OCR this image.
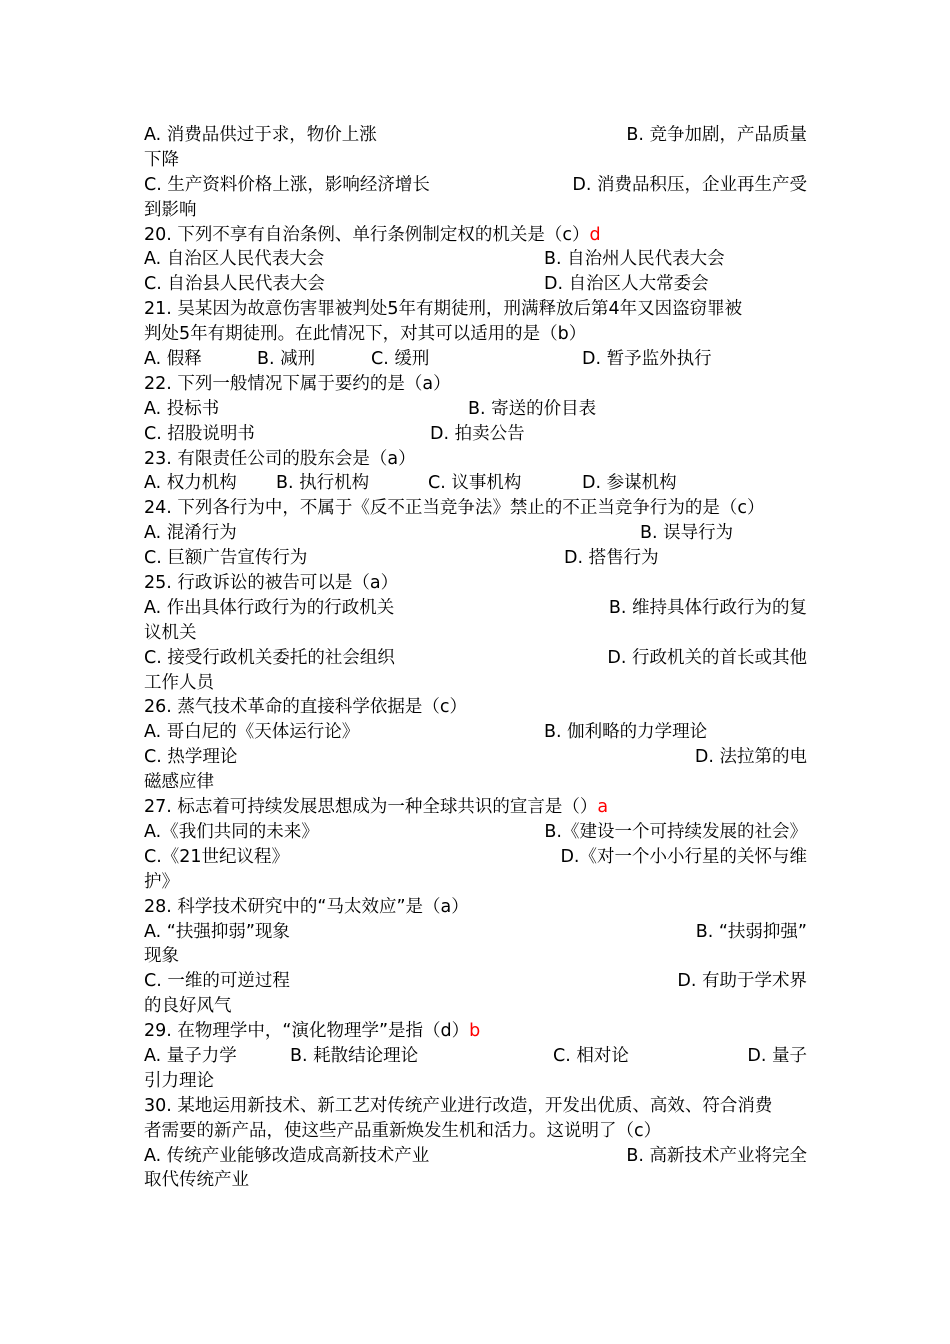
A. 消费品供过于求，物价上涨	B. 竞争加剧，产品质量
下降
C. 生产资料价格上涨，影响经济增长	D. 消费品积压，企业再生产受
到影响
20. 下列不享有自治条例、单行条例制定权的机关是（c）d
A. 自治区人民代表大会	B. 自治州人民代表大会
C. 自治县人民代表大会	D. 自治区人大常委会
21. 吴某因为故意伤害罪被判处5年有期徒刑，刑满释放后第4年又因盗窃罪被
判处5年有期徒刑。在此情况下，对其可以适用的是（b）
A. 假释	B. 减刑	C. 缓刑	D. 暂予监外执行
22. 下列一般情况下属于要约的是（a）
A. 投标书	B. 寄送的价目表
C. 招股说明书	D. 拍卖公告
23. 有限责任公司的股东会是（a）
A. 权力机构 B. 执行机构	C. 议事机构	D. 参谋机构
24. 下列各行为中，不属于《反不正当竞争法》禁止的不正当竞争行为的是（c）
A. 混淆行为	B. 误导行为
C. 巨额广告宣传行为	D. 搭售行为
25. 行政诉讼的被告可以是（a）
A. 作出具体行政行为的行政机关	B. 维持具体行政行为的复
议机关
C. 接受行政机关委托的社会组织	D. 行政机关的首长或其他
工作人员
26. 蒸气技术革命的直接科学依据是（c）
A. 哥白尼的《天体运行论》	B. 伽利略的力学理论
C. 热学理论	D. 法拉第的电
磁感应律
27. 标志着可持续发展思想成为一种全球共识的宣言是（）a
A.《我们共同的未来》	B.《建设一个可持续发展的社会》
C.《21世纪议程》	D.《对一个小小行星的关怀与维
护》
28. 科学技术研究中的“马太效应”是（a）
A. “扶强抑弱”现象	B. “扶弱抑强”
现象
C. 一维的可逆过程	D. 有助于学术界
的良好风气
29. 在物理学中，“演化物理学”是指（d）b
A. 量子力学	B. 耗散结论理论	C. 相对论	D. 量子
引力理论
30. 某地运用新技术、新工艺对传统产业进行改造，开发出优质、高效、符合消费
者需要的新产品，使这些产品重新焕发生机和活力。这说明了（c）
A. 传统产业能够改造成高新技术产业	B. 高新技术产业将完全
取代传统产业
